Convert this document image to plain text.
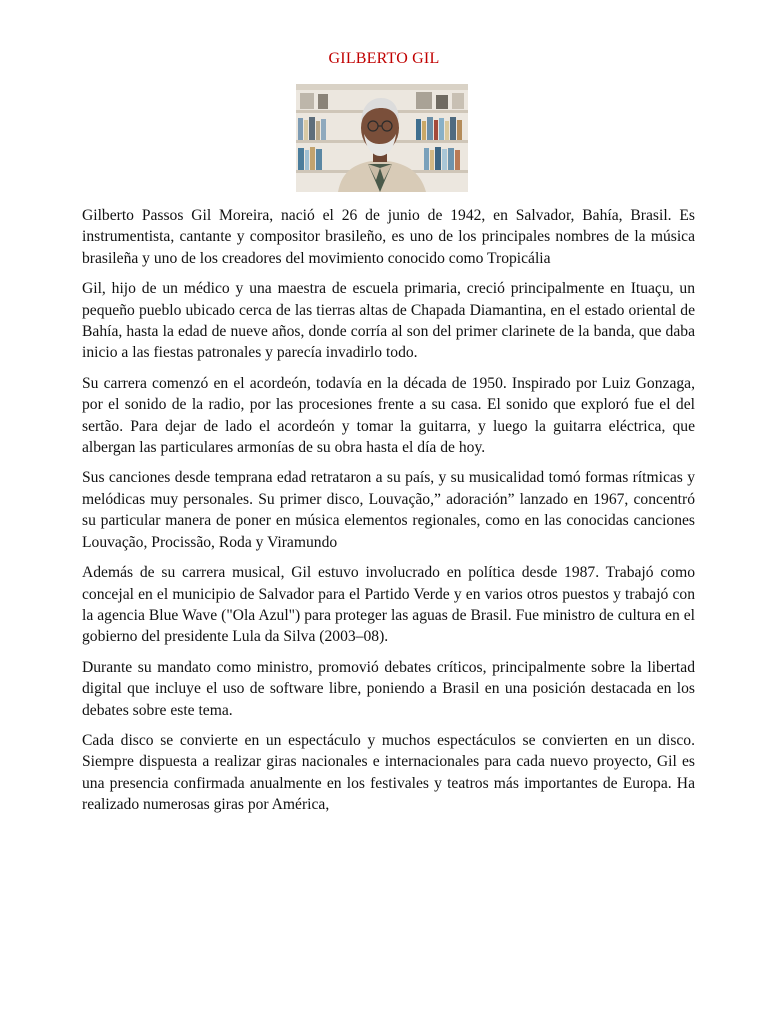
GILBERTO GIL

Gilberto Passos Gil Moreira, nació el 26 de junio de 1942, en Salvador, Bahía, Brasil. Es instrumentista, cantante y compositor brasileño, es uno de los principales nombres de la música brasileña y uno de los creadores del movimiento conocido como Tropicália

Gil, hijo de un médico y una maestra de escuela primaria, creció principalmente en Ituaçu, un pequeño pueblo ubicado cerca de las tierras altas de Chapada Diamantina, en el estado oriental de Bahía, hasta la edad de nueve años, donde corría al son del primer clarinete de la banda, que daba inicio a las fiestas patronales y parecía invadirlo todo.

Su carrera comenzó en el acordeón, todavía en la década de 1950. Inspirado por Luiz Gonzaga, por el sonido de la radio, por las procesiones frente a su casa. El sonido que exploró fue el del sertão. Para dejar de lado el acordeón y tomar la guitarra, y luego la guitarra eléctrica, que albergan las particulares armonías de su obra hasta el día de hoy.

Sus canciones desde temprana edad retrataron a su país, y su musicalidad tomó formas rítmicas y melódicas muy personales. Su primer disco, Louvação,” adoración” lanzado en 1967, concentró su particular manera de poner en música elementos regionales, como en las conocidas canciones Louvação, Procissão, Roda y Viramundo

Además de su carrera musical, Gil estuvo involucrado en política desde 1987. Trabajó como concejal en el municipio de Salvador para el Partido Verde y en varios otros puestos y trabajó con la agencia Blue Wave ("Ola Azul") para proteger las aguas de Brasil. Fue ministro de cultura en el gobierno del presidente Lula da Silva (2003–08).

Durante su mandato como ministro, promovió debates críticos, principalmente sobre la libertad digital que incluye el uso de software libre, poniendo a Brasil en una posición destacada en los debates sobre este tema.

Cada disco se convierte en un espectáculo y muchos espectáculos se convierten en un disco. Siempre dispuesta a realizar giras nacionales e internacionales para cada nuevo proyecto, Gil es una presencia confirmada anualmente en los festivales y teatros más importantes de Europa. Ha realizado numerosas giras por América,
